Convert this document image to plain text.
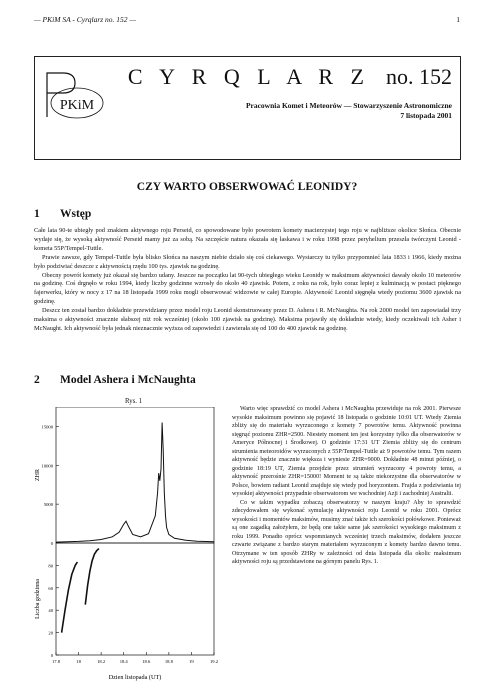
— PKiM SA - Cyrqlarz no. 152 —	1
PKiM
C Y R Q L A R Z no. 152
Pracownia Komet i Meteorów — Stowarzyszenie Astronomiczne
7 listopada 2001
CZY WARTO OBSERWOWAĆ LEONIDY?
1 Wstęp

Całe lata 90-te ubiegły pod znakiem aktywnego roju Perseid, co spowodowane było powrotem komety macierzystej tego roju w najbliższe okolice Słońca. Obecnie wydaje się, że wysoką aktywność Perseid mamy już za sobą. Na szczęście natura okazała się łaskawa i w roku 1998 przez peryhelium przeszła twórczyni Leonid - kometa 55P/Tempel-Tuttle.

Prawie zawsze, gdy Tempel-Tuttle była blisko Słońca na naszym niebie działo się coś ciekawego. Wystarczy tu tylko przypomnieć lata 1833 i 1966, kiedy można było podziwiać deszcze z aktywnością rzędu 100 tys. zjawisk na godzinę.

Obecny powrót komety już okazał się bardzo udany. Jeszcze na początku lat 90-tych ubiegłego wieku Leonidy w maksimum aktywności dawały około 10 meteorów na godzinę. Coś drgnęło w roku 1994, kiedy liczby godzinne wzrosły do około 40 zjawisk. Potem, z roku na rok, było coraz lepiej z kulminacją w postaci pięknego fajerwerku, który w nocy z 17 na 18 listopada 1999 roku mogli obserwować widzowie w całej Europie. Aktywność Leonid sięgnęła wtedy poziomu 3600 zjawisk na godzinę.

Deszcz ten został bardzo dokładnie przewidziany przez model roju Leonid skonstruowany przez D. Ashera i R. McNaughta. Na rok 2000 model ten zapowiadał trzy maksima o aktywności znacznie słabszej niż rok wcześniej (około 100 zjawisk na godzinę). Maksima pojawiły się dokładnie wtedy, kiedy oczekiwali ich Asher i McNaught. Ich aktywność była jednak nieznacznie wyższa od zapowiedzi i zawierała się od 100 do 400 zjawisk na godzinę.

2 Model Ashera i McNaughta
Rys. 1
0
5000
10000
15000
ZHR
0
20
40
60
80
17.8	18	18.2	18.4	18.6	18.8	19	19.2
Liczba godzinna
Dzien listopada (UT)

Warto więc sprawdzić co model Ashera i McNaughta przewiduje na rok 2001. Pierwsze wysokie maksimum powinno się pojawić 18 listopada o godzinie 10:01 UT. Wtedy Ziemia zbliży się do materiału wyrzuconego z komety 7 powrotów temu. Aktywność powinna sięgnąć poziomu ZHR=2500. Niestety moment ten jest korzystny tylko dla obserwatorów w Ameryce Północnej i Środkowej. O godzinie 17:31 UT Ziemia zbliży się do centrum strumienia meteoroidów wyrzuconych z 55P/Tempel-Tuttle aż 9 powrotów temu. Tym razem aktywność będzie znacznie większa i wyniesie ZHR=9000. Dokładnie 48 minut później, o godzinie 18:19 UT, Ziemia przejdzie przez strumień wyrzucony 4 powroty temu, a aktywność przerośnie ZHR=15000! Moment te są także niekorzystne dla obserwatorów w Polsce, bowiem radiant Leonid znajduje się wtedy pod horyzontem. Frajda z podziwiania tej wysokiej aktywności przypadnie obserwatorom we wschodniej Azji i zachodniej Australii.

Co w takim wypadku zobaczą obserwatorzy w naszym kraju? Aby to sprawdzić zdecydowałem się wykonać symulację aktywności roju Leonid w roku 2001. Oprócz wysokości i momentów maksimów, musimy znać także ich szerokości połówkowe. Ponieważ są one zagadką założyłem, że będą one takie same jak szerokości wysokiego maksimum z roku 1999. Ponadto oprócz wspomnianych wcześniej trzech maksimów, dodałem jeszcze czwarte związane z bardzo starym materiałem wyrzuconym z komety bardzo dawno temu. Otrzymane w ten sposób ZHRy w zależności od dnia listopada dla okolic maksimum aktywności roju są przedstawione na górnym panelu Rys. 1.
